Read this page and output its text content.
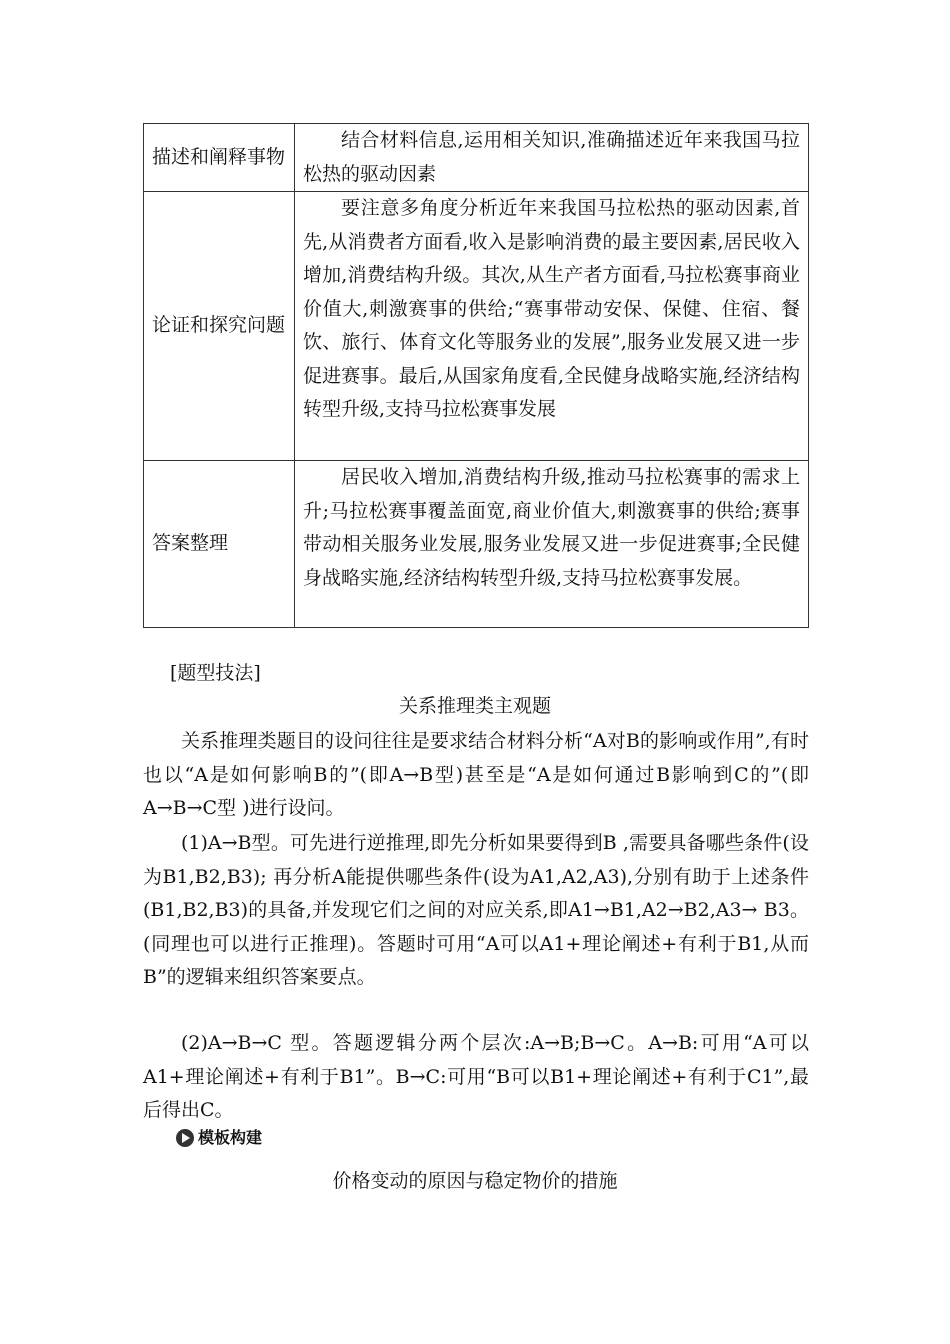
描述和阐释事物	结合材料信息,运用相关知识,准确描述近年来我国马拉松热的驱动因素
论证和探究问题	要注意多角度分析近年来我国马拉松热的驱动因素,首先,从消费者方面看,收入是影响消费的最主要因素,居民收入增加,消费结构升级。其次,从生产者方面看,马拉松赛事商业价值大,刺激赛事的供给;“赛事带动安保、保健、住宿、餐饮、旅行、体育文化等服务业的发展”,服务业发展又进一步促进赛事。最后,从国家角度看,全民健身战略实施,经济结构转型升级,支持马拉松赛事发展
答案整理	居民收入增加,消费结构升级,推动马拉松赛事的需求上升;马拉松赛事覆盖面宽,商业价值大,刺激赛事的供给;赛事带动相关服务业发展,服务业发展又进一步促进赛事;全民健身战略实施,经济结构转型升级,支持马拉松赛事发展。
[题型技法]
关系推理类主观题

关系推理类题目的设问往往是要求结合材料分析“A对B的影响或作用”,有时也以“A是如何影响B的”(即A→B型)甚至是“A是如何通过B影响到C的”(即A→B→C型 )进行设问。

(1)A→B型。可先进行逆推理,即先分析如果要得到B ,需要具备哪些条件(设为B1,B2,B3); 再分析A能提供哪些条件(设为A1,A2,A3),分别有助于上述条件(B1,B2,B3)的具备,并发现它们之间的对应关系,即A1→B1,A2→B2,A3→ B3。(同理也可以进行正推理)。答题时可用“A可以A1+理论阐述+有利于B1,从而B”的逻辑来组织答案要点。

(2)A→B→C 型。答题逻辑分两个层次:A→B;B→C。A→B:可用“A可以A1+理论阐述+有利于B1”。B→C:可用“B可以B1+理论阐述+有利于C1”,最后得出C。

模板构建
价格变动的原因与稳定物价的措施
